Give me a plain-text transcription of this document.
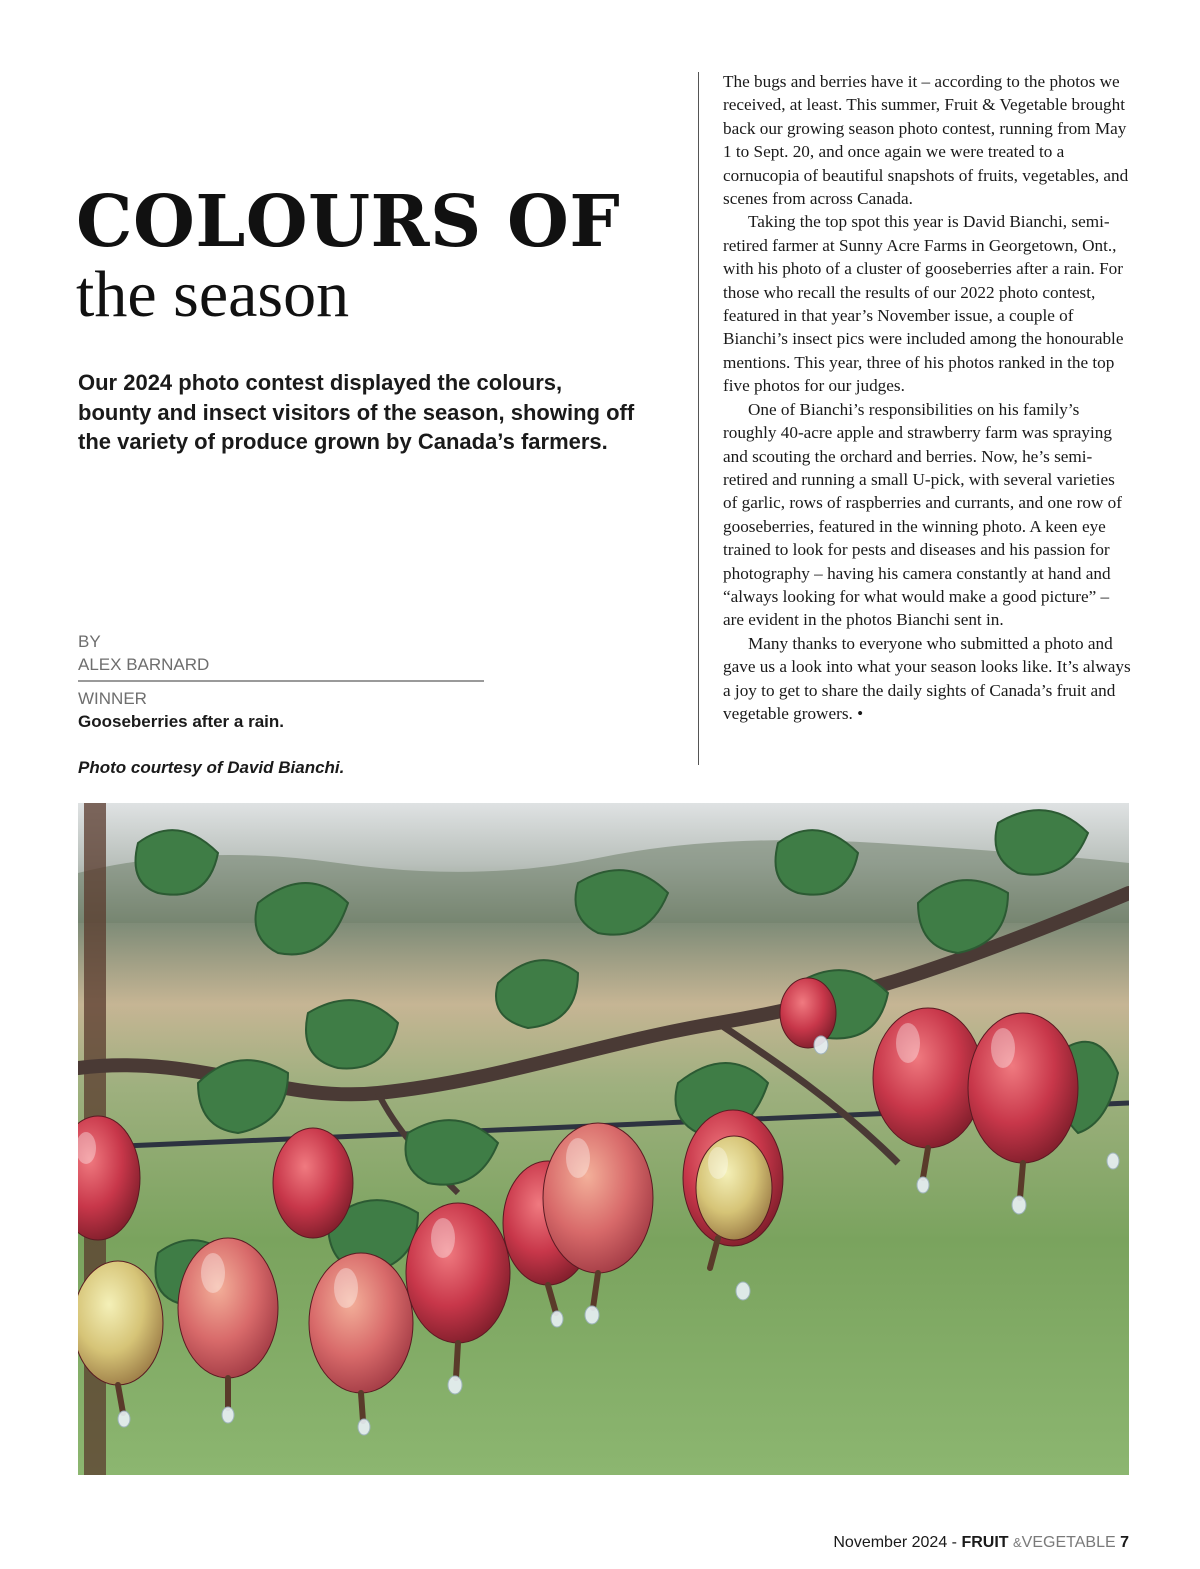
COLOURS OF
the season

Our 2024 photo contest displayed the colours, bounty and insect visitors of the season, showing off the variety of produce grown by Canada’s farmers.

BY
ALEX BARNARD
WINNER
Gooseberries after a rain.
Photo courtesy of David Bianchi.

The bugs and berries have it – according to the photos we received, at least. This summer, Fruit & Vegetable brought back our growing season photo contest, running from May 1 to Sept. 20, and once again we were treated to a cornucopia of beautiful snapshots of fruits, vegetables, and scenes from across Canada.

Taking the top spot this year is David Bianchi, semi-retired farmer at Sunny Acre Farms in Georgetown, Ont., with his photo of a cluster of gooseberries after a rain. For those who recall the results of our 2022 photo contest, featured in that year’s November issue, a couple of Bianchi’s insect pics were included among the honourable mentions. This year, three of his photos ranked in the top five photos for our judges.

One of Bianchi’s responsibilities on his family’s roughly 40-acre apple and strawberry farm was spraying and scouting the orchard and berries. Now, he’s semi-retired and running a small U-pick, with several varieties of garlic, rows of raspberries and currants, and one row of gooseberries, featured in the winning photo. A keen eye trained to look for pests and diseases and his passion for photography – having his camera constantly at hand and “always looking for what would make a good picture” – are evident in the photos Bianchi sent in.

Many thanks to everyone who submitted a photo and gave us a look into what your season looks like. It’s always a joy to get to share the daily sights of Canada’s fruit and vegetable growers. •

November 2024 - FRUIT &VEGETABLE 7
